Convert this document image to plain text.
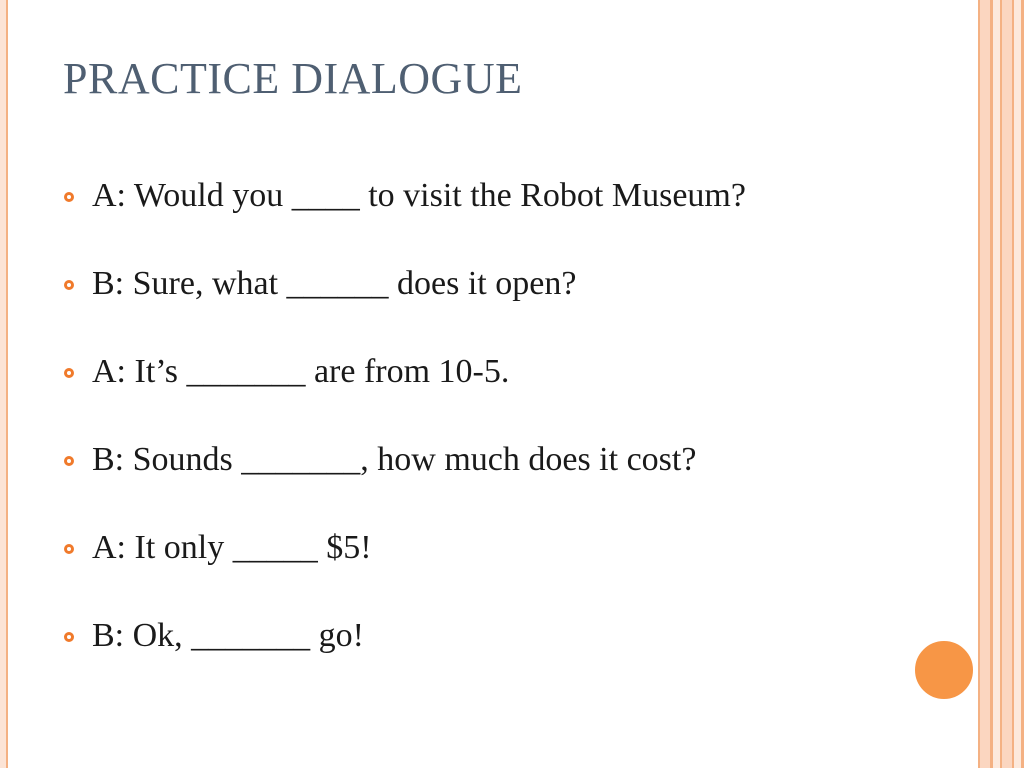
PRACTICE DIALOGUE
A: Would you ____ to visit the Robot Museum?
B: Sure, what ______ does it open?
A: It’s _______ are from 10-5.
B: Sounds _______, how much does it cost?
A: It only _____ $5!
B: Ok, _______ go!
